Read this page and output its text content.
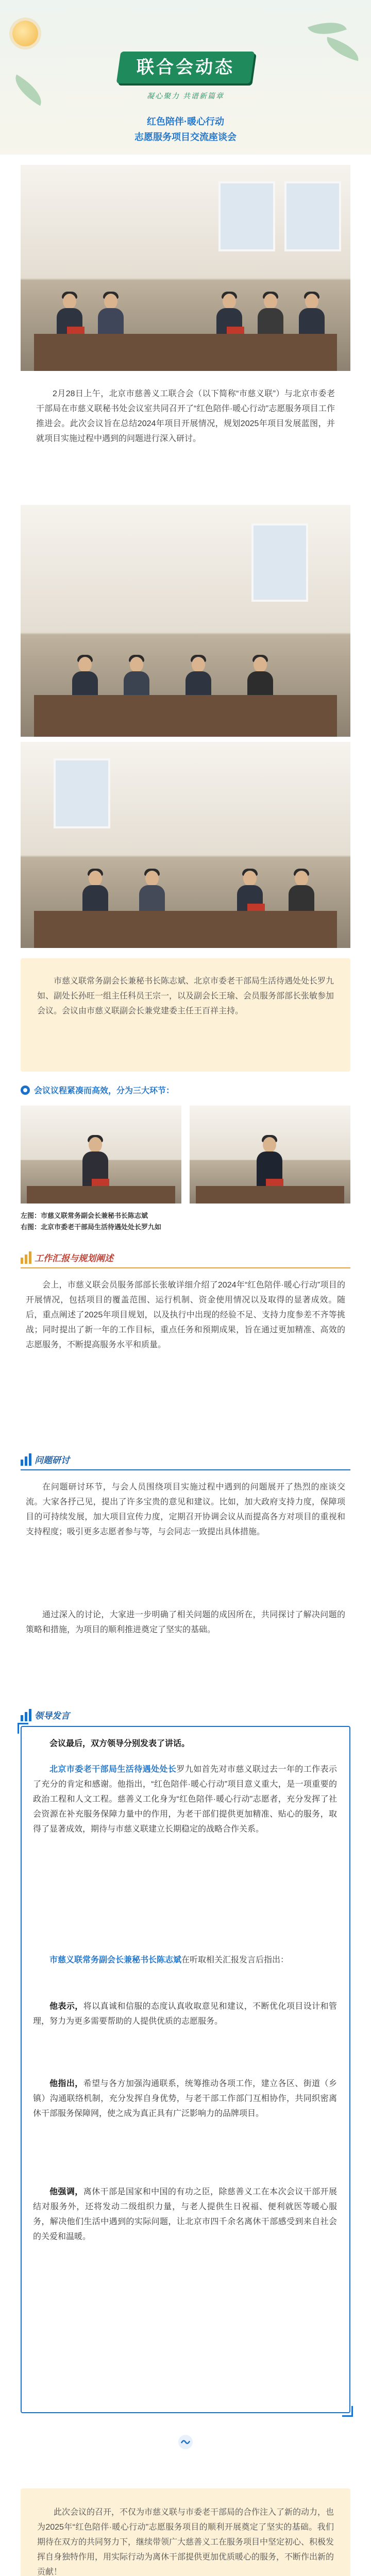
联合会动态
凝心聚力 共谱新篇章
红色陪伴·暖心行动
志愿服务项目交流座谈会
2月28日上午，北京市慈善义工联合会（以下简称“市慈义联”）与北京市委老干部局在市慈义联秘书处会议室共同召开了“红色陪伴·暖心行动”志愿服务项目工作推进会。此次会议旨在总结2024年项目开展情况，规划2025年项目发展蓝图，并就项目实施过程中遇到的问题进行深入研讨。
市慈义联常务副会长兼秘书长陈志斌、北京市委老干部局生活待遇处处长罗九如、副处长孙旺一组主任科员王宗一，以及副会长王瑜、会员服务部部长张敏参加会议。会议由市慈义联副会长兼党建委主任王百祥主持。
会议议程紧凑而高效，分为三大环节：
左图：市慈义联常务副会长兼秘书长陈志斌
右图：北京市委老干部局生活待遇处处长罗九如
工作汇报与规划阐述
会上，市慈义联会员服务部部长张敏详细介绍了2024年“红色陪伴·暖心行动”项目的开展情况，包括项目的覆盖范围、运行机制、资金使用情况以及取得的显著成效。随后，重点阐述了2025年项目规划，以及执行中出现的经验不足、支持力度参差不齐等挑战；同时提出了新一年的工作目标，重点任务和预期成果，旨在通过更加精准、高效的志愿服务，不断提高服务水平和质量。
问题研讨
在问题研讨环节，与会人员围绕项目实施过程中遇到的问题展开了热烈的座谈交流。大家各抒己见，提出了许多宝贵的意见和建议。比如，加大政府支持力度，保障项目的可持续发展，加大项目宣传力度，定期召开协调会议从而提高各方对项目的重视和支持程度；吸引更多志愿者参与等，与会同志一致提出具体措施。
通过深入的讨论，大家进一步明确了相关问题的成因所在，共同探讨了解决问题的策略和措施，为项目的顺利推进奠定了坚实的基础。
领导发言
会议最后，双方领导分别发表了讲话。
北京市委老干部局生活待遇处处长罗九如首先对市慈义联过去一年的工作表示了充分的肯定和感谢。他指出，“红色陪伴·暖心行动”项目意义重大，是一项重要的政治工程和人文工程。慈善义工化身为“红色陪伴·暖心行动”志愿者，充分发挥了社会资源在补充服务保障力量中的作用，为老干部们提供更加精准、贴心的服务，取得了显著成效，期待与市慈义联建立长期稳定的战略合作关系。
市慈义联常务副会长兼秘书长陈志斌在听取相关汇报发言后指出：
他表示，将以真诚和信服的态度认真收取意见和建议，不断优化项目设计和管理，努力为更多需要帮助的人提供优质的志愿服务。
他指出，希望与各方加强沟通联系，统筹推动各项工作，建立各区、街道（乡镇）沟通联络机制，充分发挥自身优势，与老干部工作部门互相协作，共同织密离休干部服务保障网，使之成为真正具有广泛影响力的品牌项目。
他强调，离休干部是国家和中国的有功之臣，除慈善义工在本次会议干部开展结对服务外，还将发动二级组织力量，与老人提供生日祝福、便利就医等暖心服务，解决他们生活中遇到的实际问题，让北京市四千余名离休干部感受到来自社会的关爱和温暖。
此次会议的召开，不仅为市慈义联与市委老干部局的合作注入了新的动力，也为2025年“红色陪伴·暖心行动”志愿服务项目的顺利开展奠定了坚实的基础。我们期待在双方的共同努力下，继续带领广大慈善义工在服务项目中坚定初心、积极发挥自身独特作用，用实际行动为离休干部提供更加优质暖心的服务，不断作出新的贡献！
